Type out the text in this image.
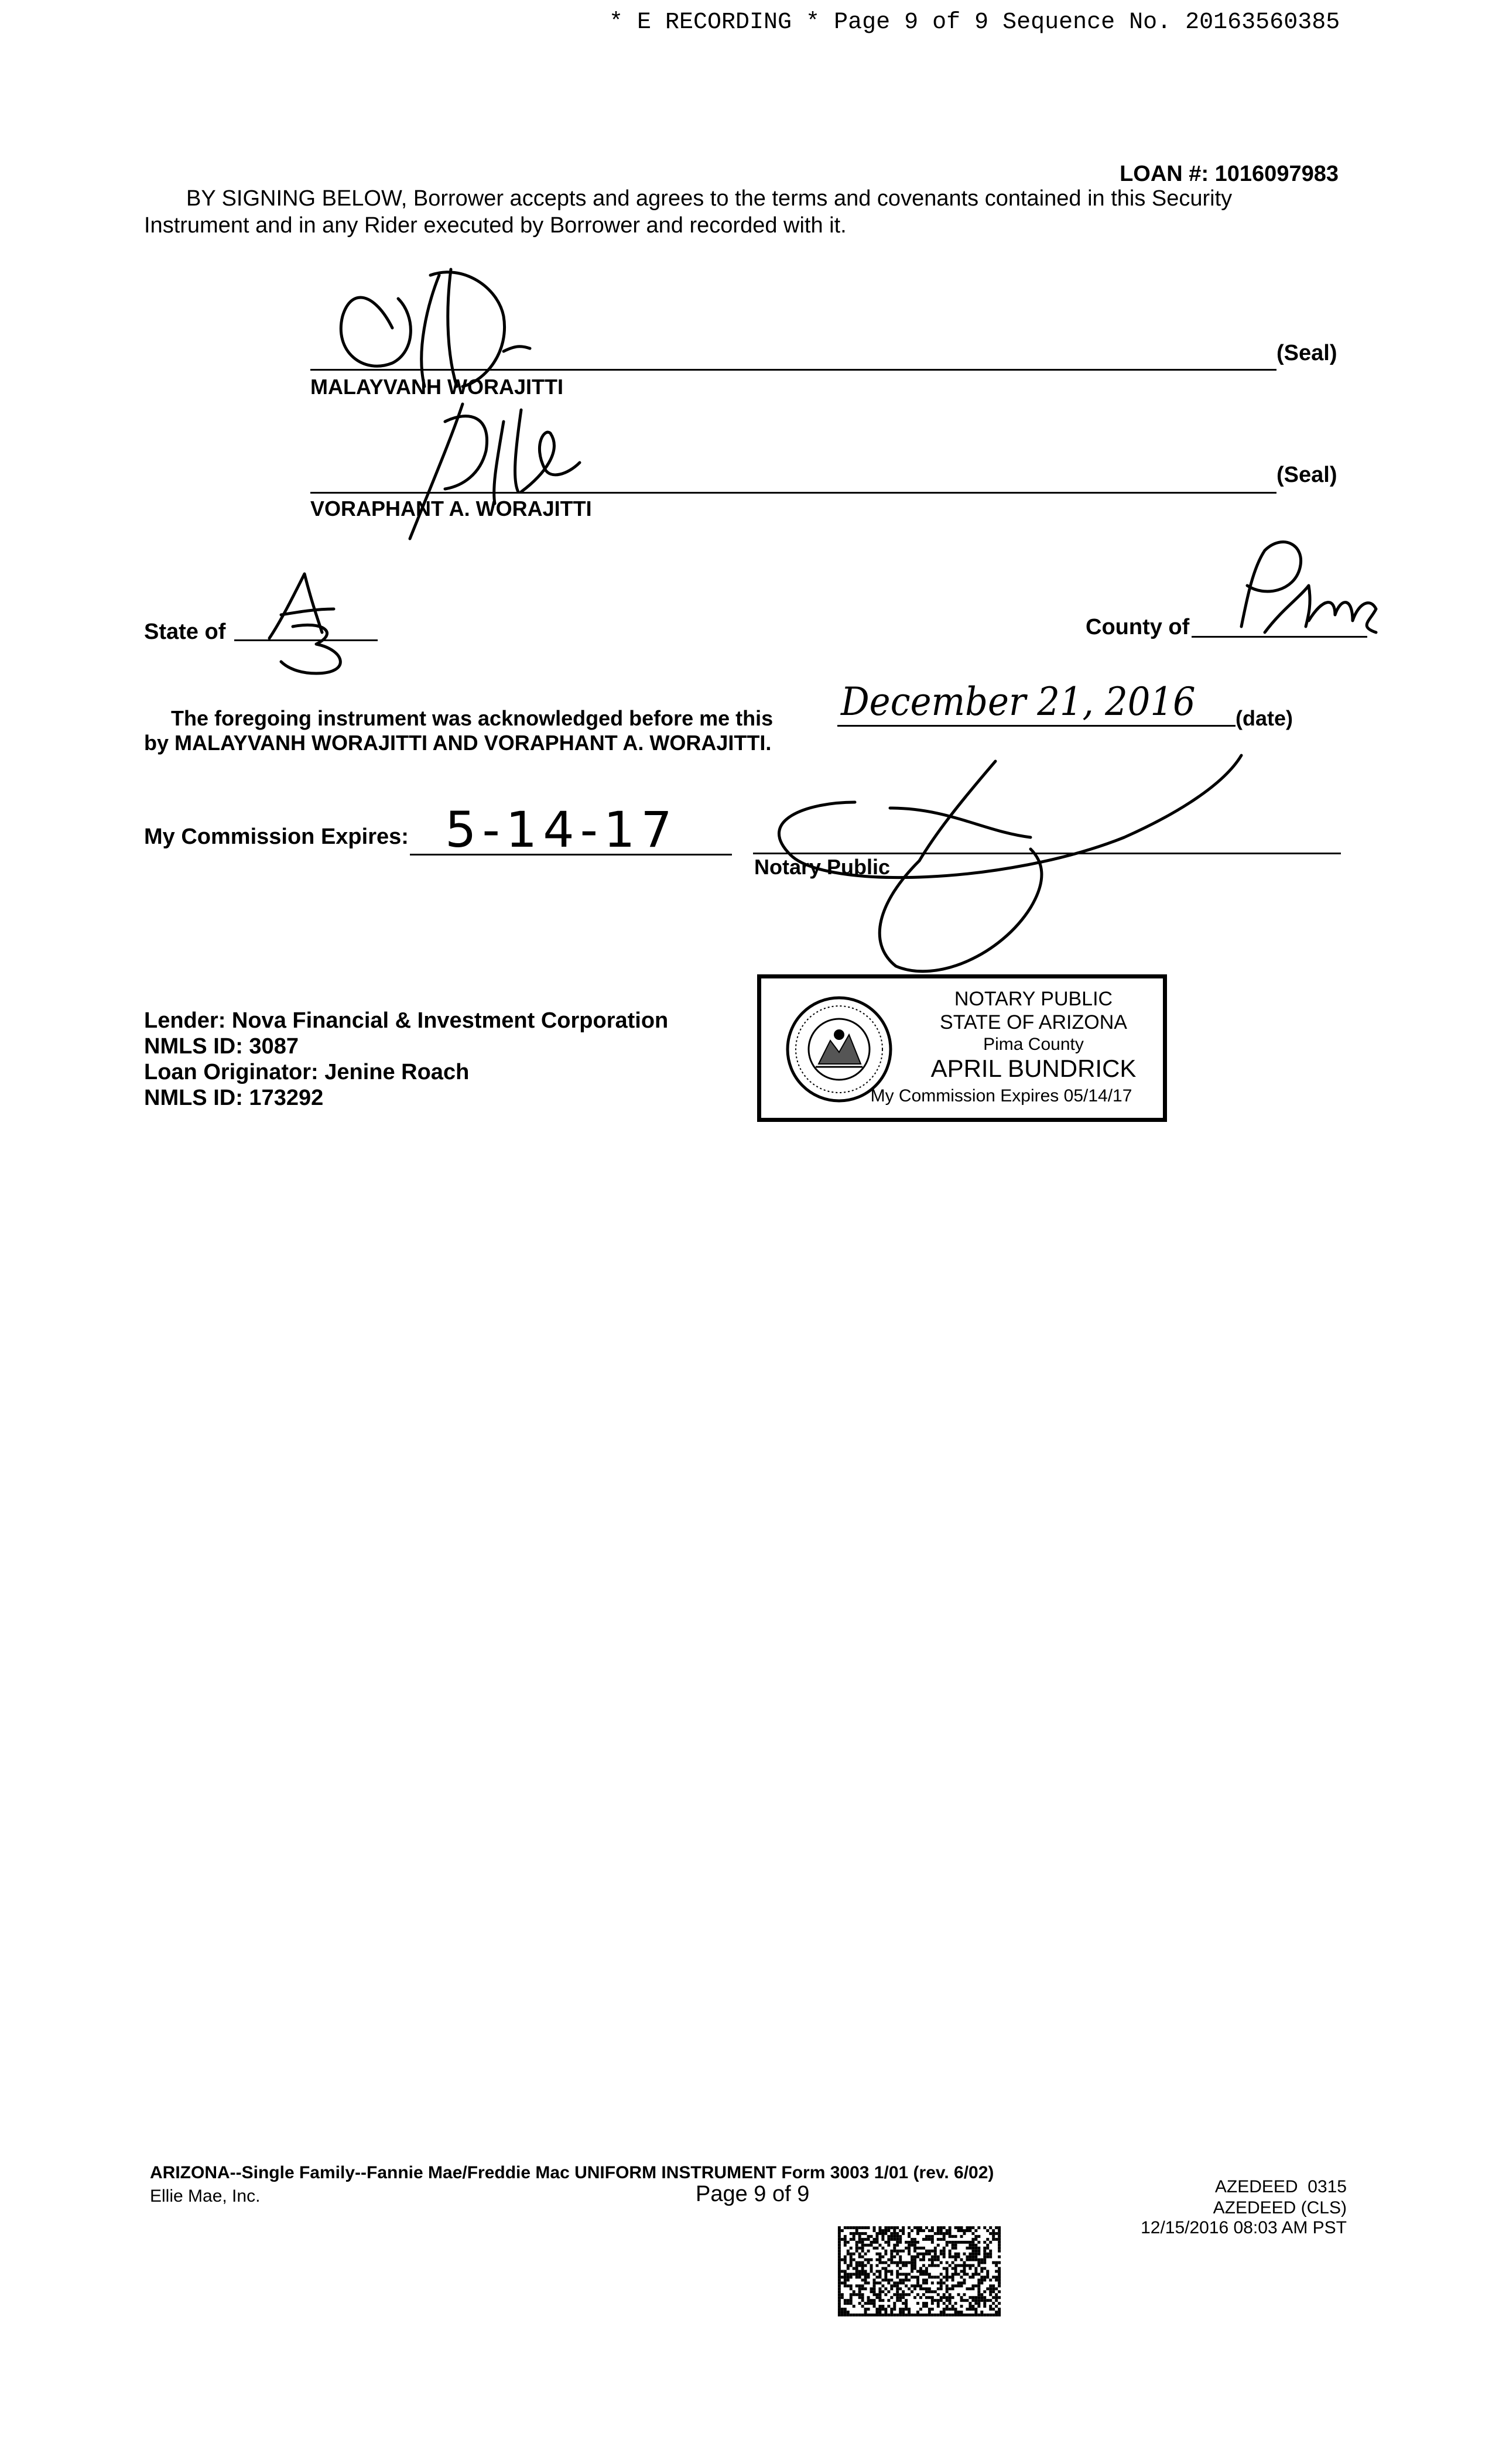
* E RECORDING * Page 9 of 9 Sequence No. 20163560385
LOAN #: 1016097983
BY SIGNING BELOW, Borrower accepts and agrees to the terms and covenants contained in this Security
Instrument and in any Rider executed by Borrower and recorded with it.
(Seal)
MALAYVANH WORAJITTI
(Seal)
VORAPHANT A. WORAJITTI
State of	County of
The foregoing instrument was acknowledged before me this December 21, 2016 (date)
by MALAYVANH WORAJITTI AND VORAPHANT A. WORAJITTI.
My Commission Expires: 5-14-17
Notary Public
Lender: Nova Financial & Investment Corporation
NMLS ID: 3087
Loan Originator: Jenine Roach
NMLS ID: 173292
NOTARY PUBLIC
STATE OF ARIZONA
Pima County
APRIL BUNDRICK
My Commission Expires 05/14/17
ARIZONA--Single Family--Fannie Mae/Freddie Mac UNIFORM INSTRUMENT Form 3003 1/01 (rev. 6/02)
Ellie Mae, Inc.	Page 9 of 9	AZEDEED  0315
AZEDEED (CLS)
12/15/2016 08:03 AM PST
